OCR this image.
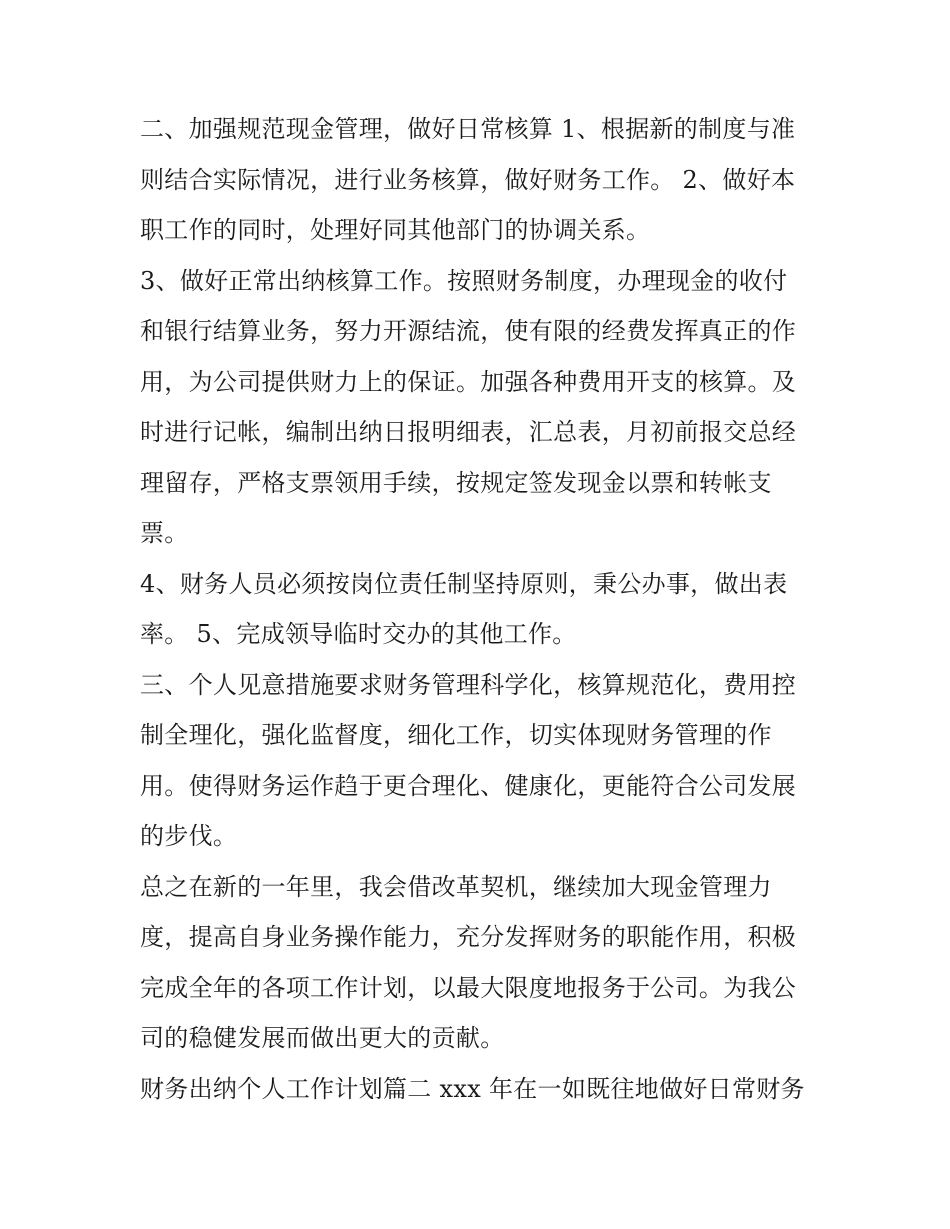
二、加强规范现金管理，做好日常核算 1、根据新的制度与准
则结合实际情况，进行业务核算，做好财务工作。 2、做好本
职工作的同时，处理好同其他部门的协调关系。
3、做好正常出纳核算工作。按照财务制度，办理现金的收付
和银行结算业务，努力开源结流，使有限的经费发挥真正的作
用，为公司提供财力上的保证。加强各种费用开支的核算。及
时进行记帐，编制出纳日报明细表，汇总表，月初前报交总经
理留存，严格支票领用手续，按规定签发现金以票和转帐支
票。
4、财务人员必须按岗位责任制坚持原则，秉公办事，做出表
率。 5、完成领导临时交办的其他工作。
三、个人见意措施要求财务管理科学化，核算规范化，费用控
制全理化，强化监督度，细化工作，切实体现财务管理的作
用。使得财务运作趋于更合理化、健康化，更能符合公司发展
的步伐。
总之在新的一年里，我会借改革契机，继续加大现金管理力
度，提高自身业务操作能力，充分发挥财务的职能作用，积极
完成全年的各项工作计划，以最大限度地报务于公司。为我公
司的稳健发展而做出更大的贡献。
财务出纳个人工作计划篇二 xxx 年在一如既往地做好日常财务
